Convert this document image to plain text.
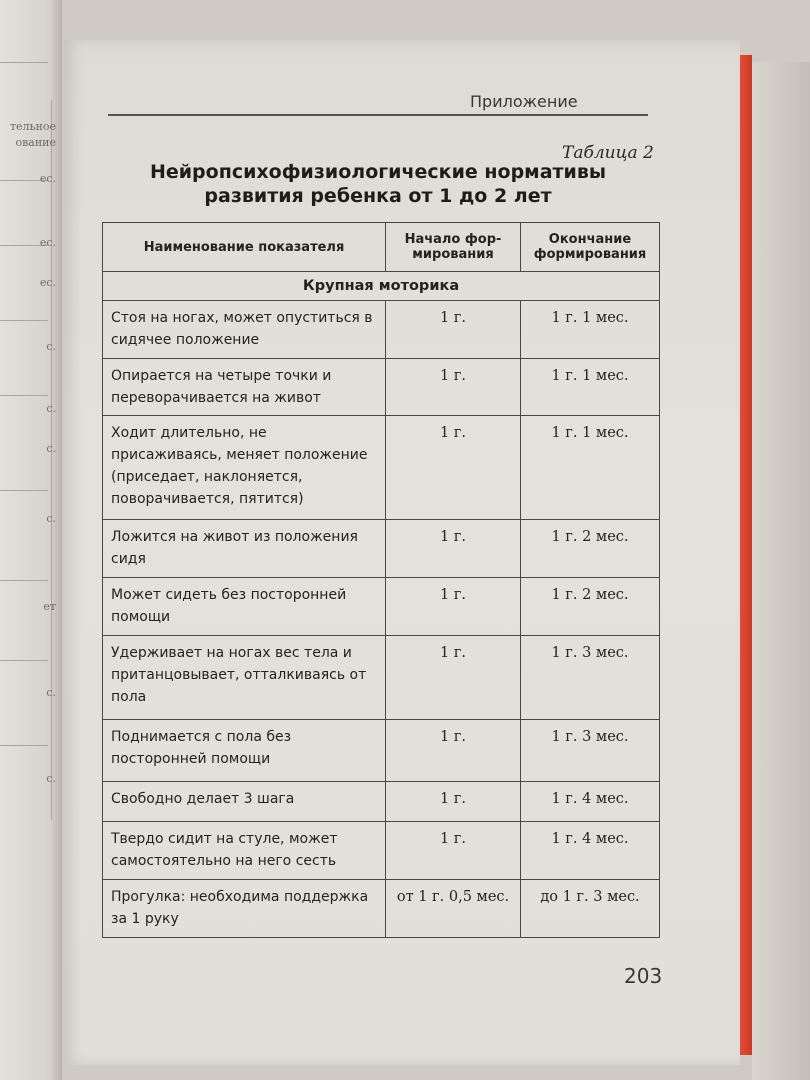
тельное
ование
ес.
ес.
ес.
с.
с.
с.
с.
ет
с.
с.
Приложение
Таблица 2
Нейропсихофизиологические нормативы
развития ребенка от 1 до 2 лет
Наименование показателя	Начало фор-мирования	Окончание формирования
Крупная моторика		
Стоя на ногах, может опуститься в сидячее положение	1 г.	1 г. 1 мес.
Опирается на четыре точки и переворачивается на живот	1 г.	1 г. 1 мес.
Ходит длительно, не присаживаясь, меняет положение (приседает, наклоняется, поворачивается, пятится)	1 г.	1 г. 1 мес.
Ложится на живот из положения сидя	1 г.	1 г. 2 мес.
Может сидеть без посторонней помощи	1 г.	1 г. 2 мес.
Удерживает на ногах вес тела и пританцовывает, отталкиваясь от пола	1 г.	1 г. 3 мес.
Поднимается с пола без посторонней помощи	1 г.	1 г. 3 мес.
Свободно делает 3 шага	1 г.	1 г. 4 мес.
Твердо сидит на стуле, может самостоятельно на него сесть	1 г.	1 г. 4 мес.
Прогулка: необходима поддержка за 1 руку	от 1 г. 0,5 мес.	до 1 г. 3 мес.
203
